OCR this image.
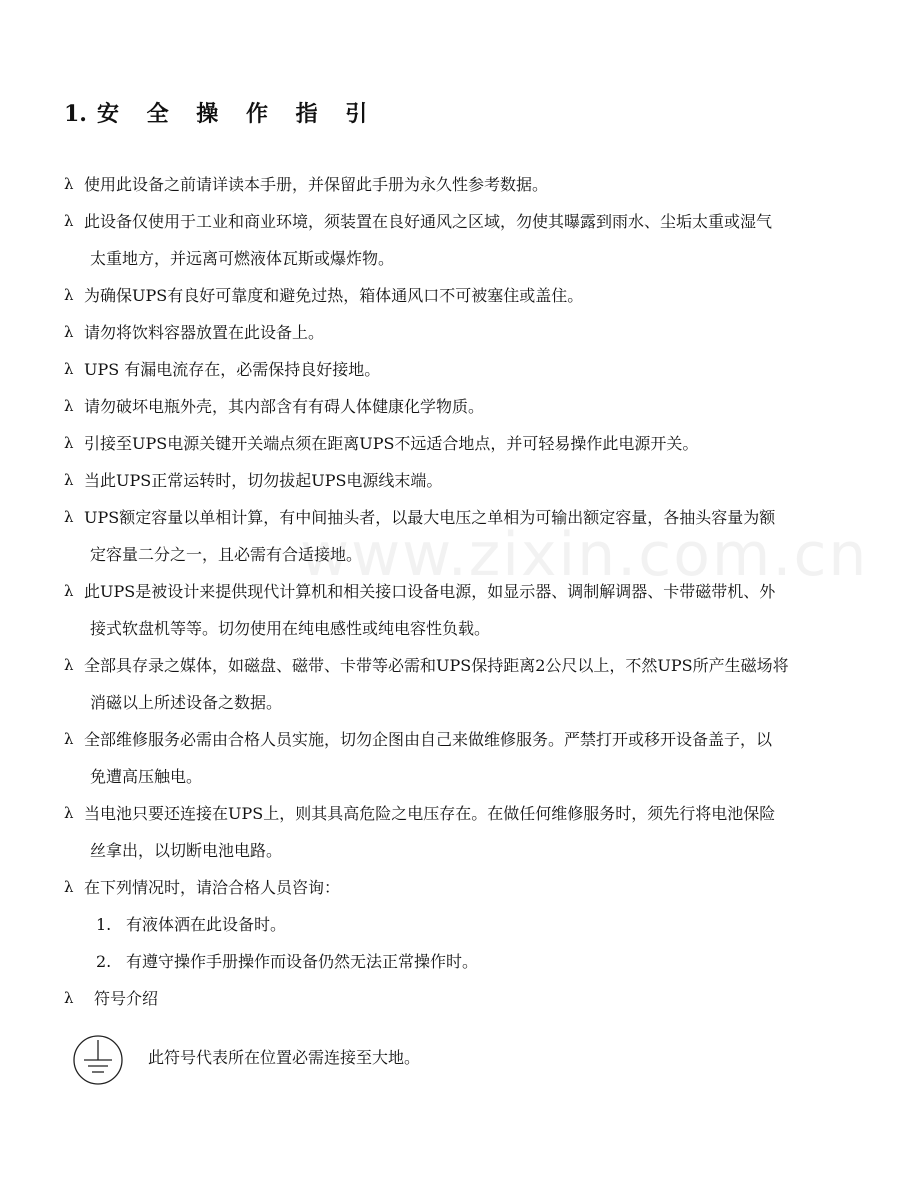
1. 安 全 操 作 指 引
λ 使用此设备之前请详读本手册，并保留此手册为永久性参考数据。
λ 此设备仅使用于工业和商业环境，须装置在良好通风之区域，勿使其曝露到雨水、尘垢太重或湿气
太重地方，并远离可燃液体瓦斯或爆炸物。
λ 为确保UPS有良好可靠度和避免过热，箱体通风口不可被塞住或盖住。
λ 请勿将饮料容器放置在此设备上。
λ UPS 有漏电流存在，必需保持良好接地。
λ 请勿破坏电瓶外壳，其内部含有有碍人体健康化学物质。
λ 引接至UPS电源关键开关端点须在距离UPS不远适合地点，并可轻易操作此电源开关。
λ 当此UPS正常运转时，切勿拔起UPS电源线末端。
λ UPS额定容量以单相计算，有中间抽头者，以最大电压之单相为可输出额定容量，各抽头容量为额
定容量二分之一，且必需有合适接地。
λ 此UPS是被设计来提供现代计算机和相关接口设备电源，如显示器、调制解调器、卡带磁带机、外
接式软盘机等等。切勿使用在纯电感性或纯电容性负载。
λ 全部具存录之媒体，如磁盘、磁带、卡带等必需和UPS保持距离2公尺以上，不然UPS所产生磁场将
消磁以上所述设备之数据。
λ 全部维修服务必需由合格人员实施，切勿企图由自己来做维修服务。严禁打开或移开设备盖子，以
免遭高压触电。
λ 当电池只要还连接在UPS上，则其具高危险之电压存在。在做任何维修服务时，须先行将电池保险
丝拿出，以切断电池电路。
λ 在下列情况时，请洽合格人员咨询：
1. 有液体洒在此设备时。
2. 有遵守操作手册操作而设备仍然无法正常操作时。
λ	符号介绍
此符号代表所在位置必需连接至大地。
www.zixin.com.cn
